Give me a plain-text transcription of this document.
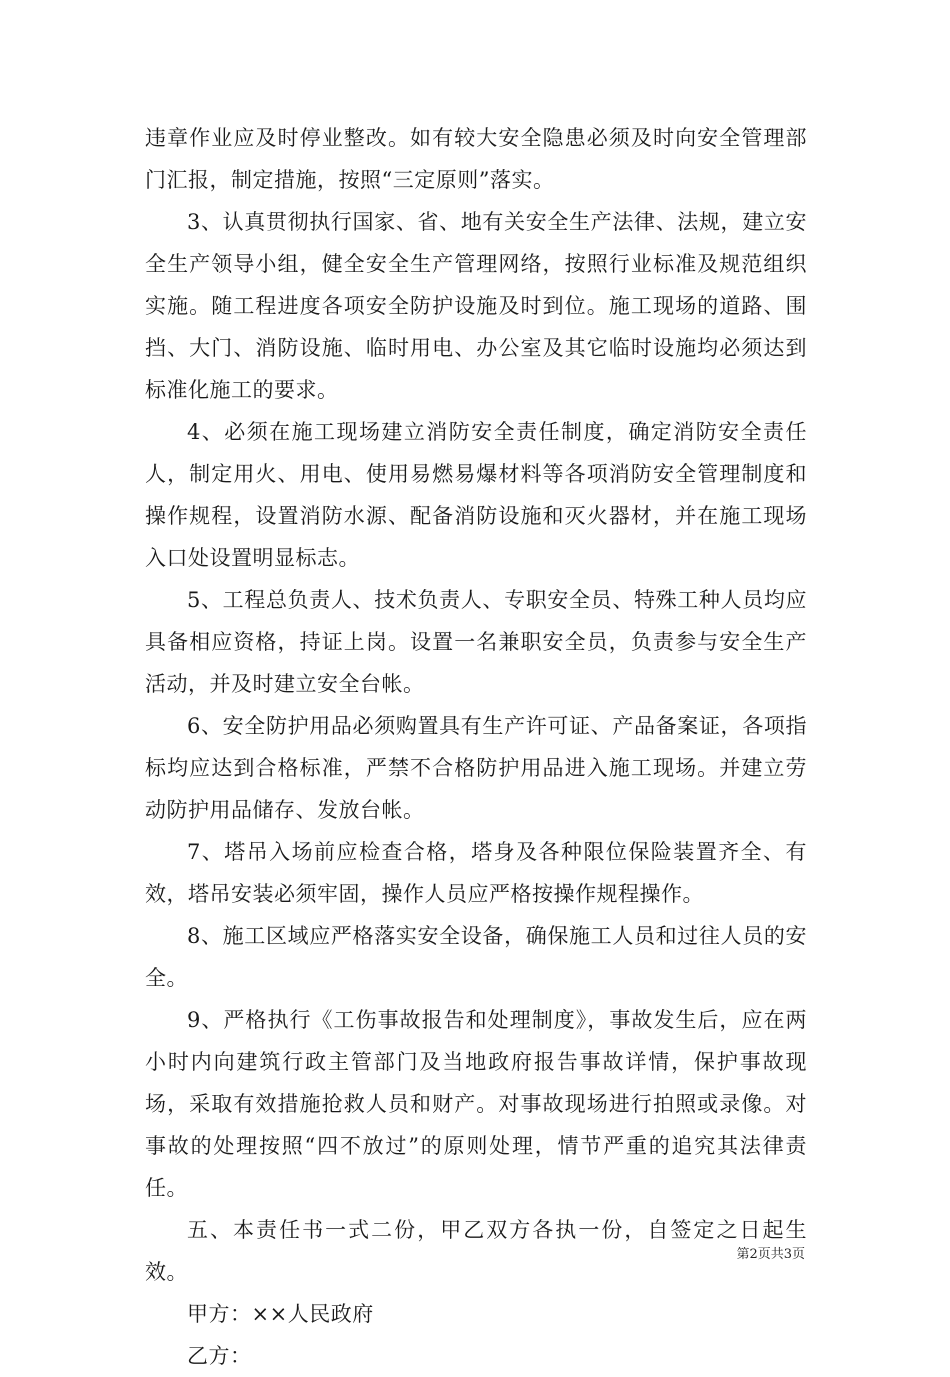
违章作业应及时停业整改。如有较大安全隐患必须及时向安全管理部门汇报，制定措施，按照“三定原则”落实。

3、认真贯彻执行国家、省、地有关安全生产法律、法规，建立安全生产领导小组，健全安全生产管理网络，按照行业标准及规范组织实施。随工程进度各项安全防护设施及时到位。施工现场的道路、围挡、大门、消防设施、临时用电、办公室及其它临时设施均必须达到标准化施工的要求。

4、必须在施工现场建立消防安全责任制度，确定消防安全责任人，制定用火、用电、使用易燃易爆材料等各项消防安全管理制度和操作规程，设置消防水源、配备消防设施和灭火器材，并在施工现场入口处设置明显标志。

5、工程总负责人、技术负责人、专职安全员、特殊工种人员均应具备相应资格，持证上岗。设置一名兼职安全员，负责参与安全生产活动，并及时建立安全台帐。

6、安全防护用品必须购置具有生产许可证、产品备案证，各项指标均应达到合格标准，严禁不合格防护用品进入施工现场。并建立劳动防护用品储存、发放台帐。

7、塔吊入场前应检查合格，塔身及各种限位保险装置齐全、有效，塔吊安装必须牢固，操作人员应严格按操作规程操作。

8、施工区域应严格落实安全设备，确保施工人员和过往人员的安全。

9、严格执行《工伤事故报告和处理制度》，事故发生后，应在两小时内向建筑行政主管部门及当地政府报告事故详情，保护事故现场，采取有效措施抢救人员和财产。对事故现场进行拍照或录像。对事故的处理按照“四不放过”的原则处理，情节严重的追究其法律责任。

五、本责任书一式二份，甲乙双方各执一份，自签定之日起生效。

甲方：××人民政府

乙方：

第2页共3页
